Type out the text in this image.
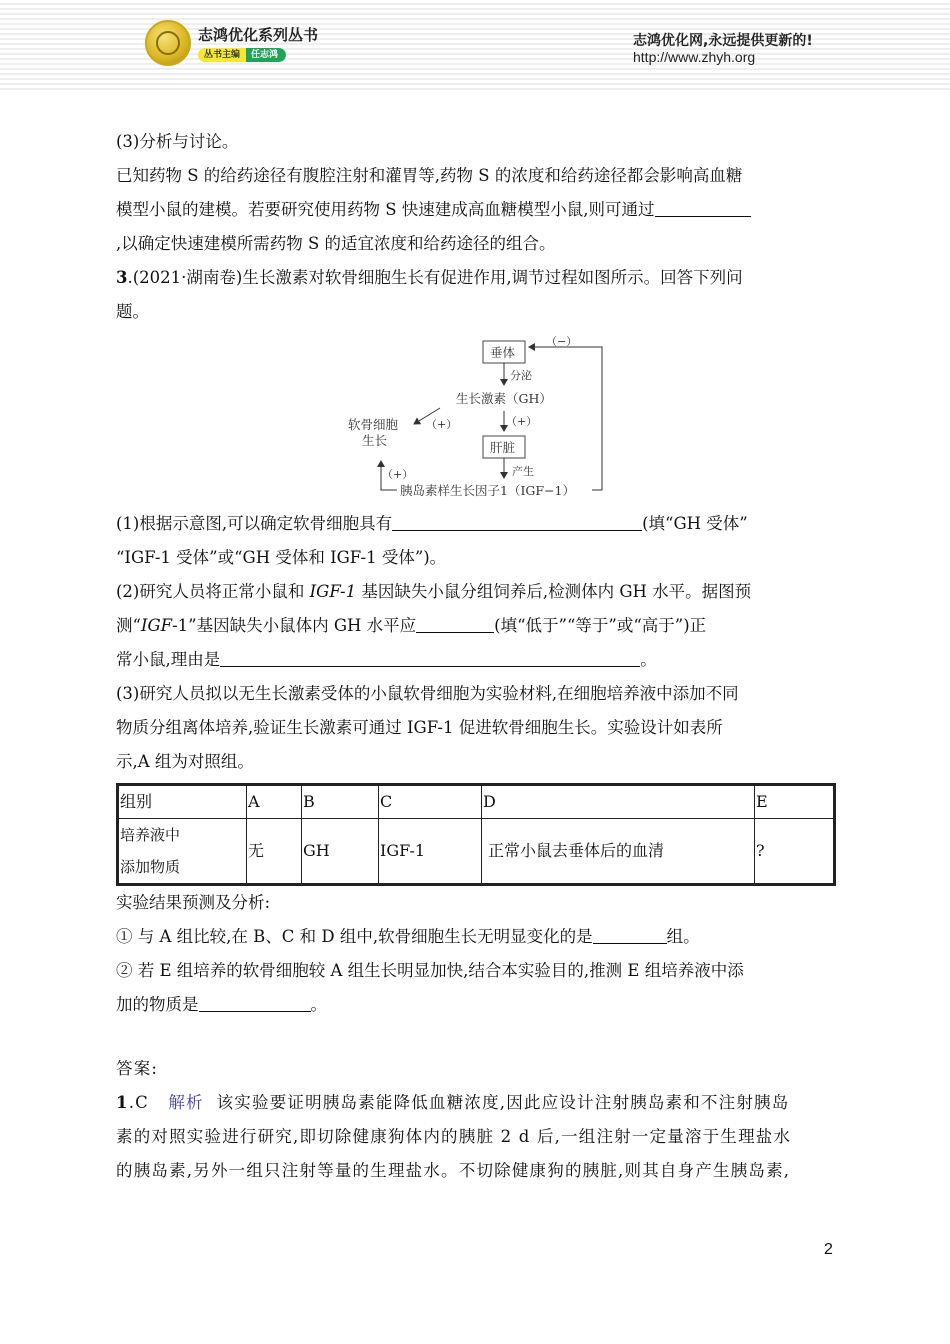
志鸿优化系列丛书
丛书主编	任志鸿
志鸿优化网,永远提供更新的!
http://www.zhyh.org

(3)分析与讨论。

已知药物 S 的给药途径有腹腔注射和灌胃等,药物 S 的浓度和给药途径都会影响高血糖

模型小鼠的建模。若要研究使用药物 S 快速建成高血糖模型小鼠,则可通过

,以确定快速建模所需药物 S 的适宜浓度和给药途径的组合。

3.(2021·湖南卷)生长激素对软骨细胞生长有促进作用,调节过程如图所示。回答下列问

题。

垂体
分泌
生长激素（GH）
（+）
肝脏
产生
胰岛素样生长因子1（IGF−1）
软骨细胞
生长
（+）
（+）
（−）

(1)根据示意图,可以确定软骨细胞具有	(填“GH 受体”

“IGF-1 受体”或“GH 受体和 IGF-1 受体”)。

(2)研究人员将正常小鼠和 IGF-1 基因缺失小鼠分组饲养后,检测体内 GH 水平。据图预

测“IGF-1”基因缺失小鼠体内 GH 水平应	(填“低于”“等于”或“高于”)正

常小鼠,理由是	。

(3)研究人员拟以无生长激素受体的小鼠软骨细胞为实验材料,在细胞培养液中添加不同

物质分组离体培养,验证生长激素可通过 IGF-1 促进软骨细胞生长。实验设计如表所

示,A 组为对照组。

组别	A	B	C	D	E

培养液中
添加物质	无	GH	IGF-1	正常小鼠去垂体后的血清	?

实验结果预测及分析:

① 与 A 组比较,在 B、C 和 D 组中,软骨细胞生长无明显变化的是	组。

② 若 E 组培养的软骨细胞较 A 组生长明显加快,结合本实验目的,推测 E 组培养液中添

加的物质是	。

答案:

1.C 解析 该实验要证明胰岛素能降低血糖浓度,因此应设计注射胰岛素和不注射胰岛

素的对照实验进行研究,即切除健康狗体内的胰脏 2 d 后,一组注射一定量溶于生理盐水

的胰岛素,另外一组只注射等量的生理盐水。不切除健康狗的胰脏,则其自身产生胰岛素,

2
